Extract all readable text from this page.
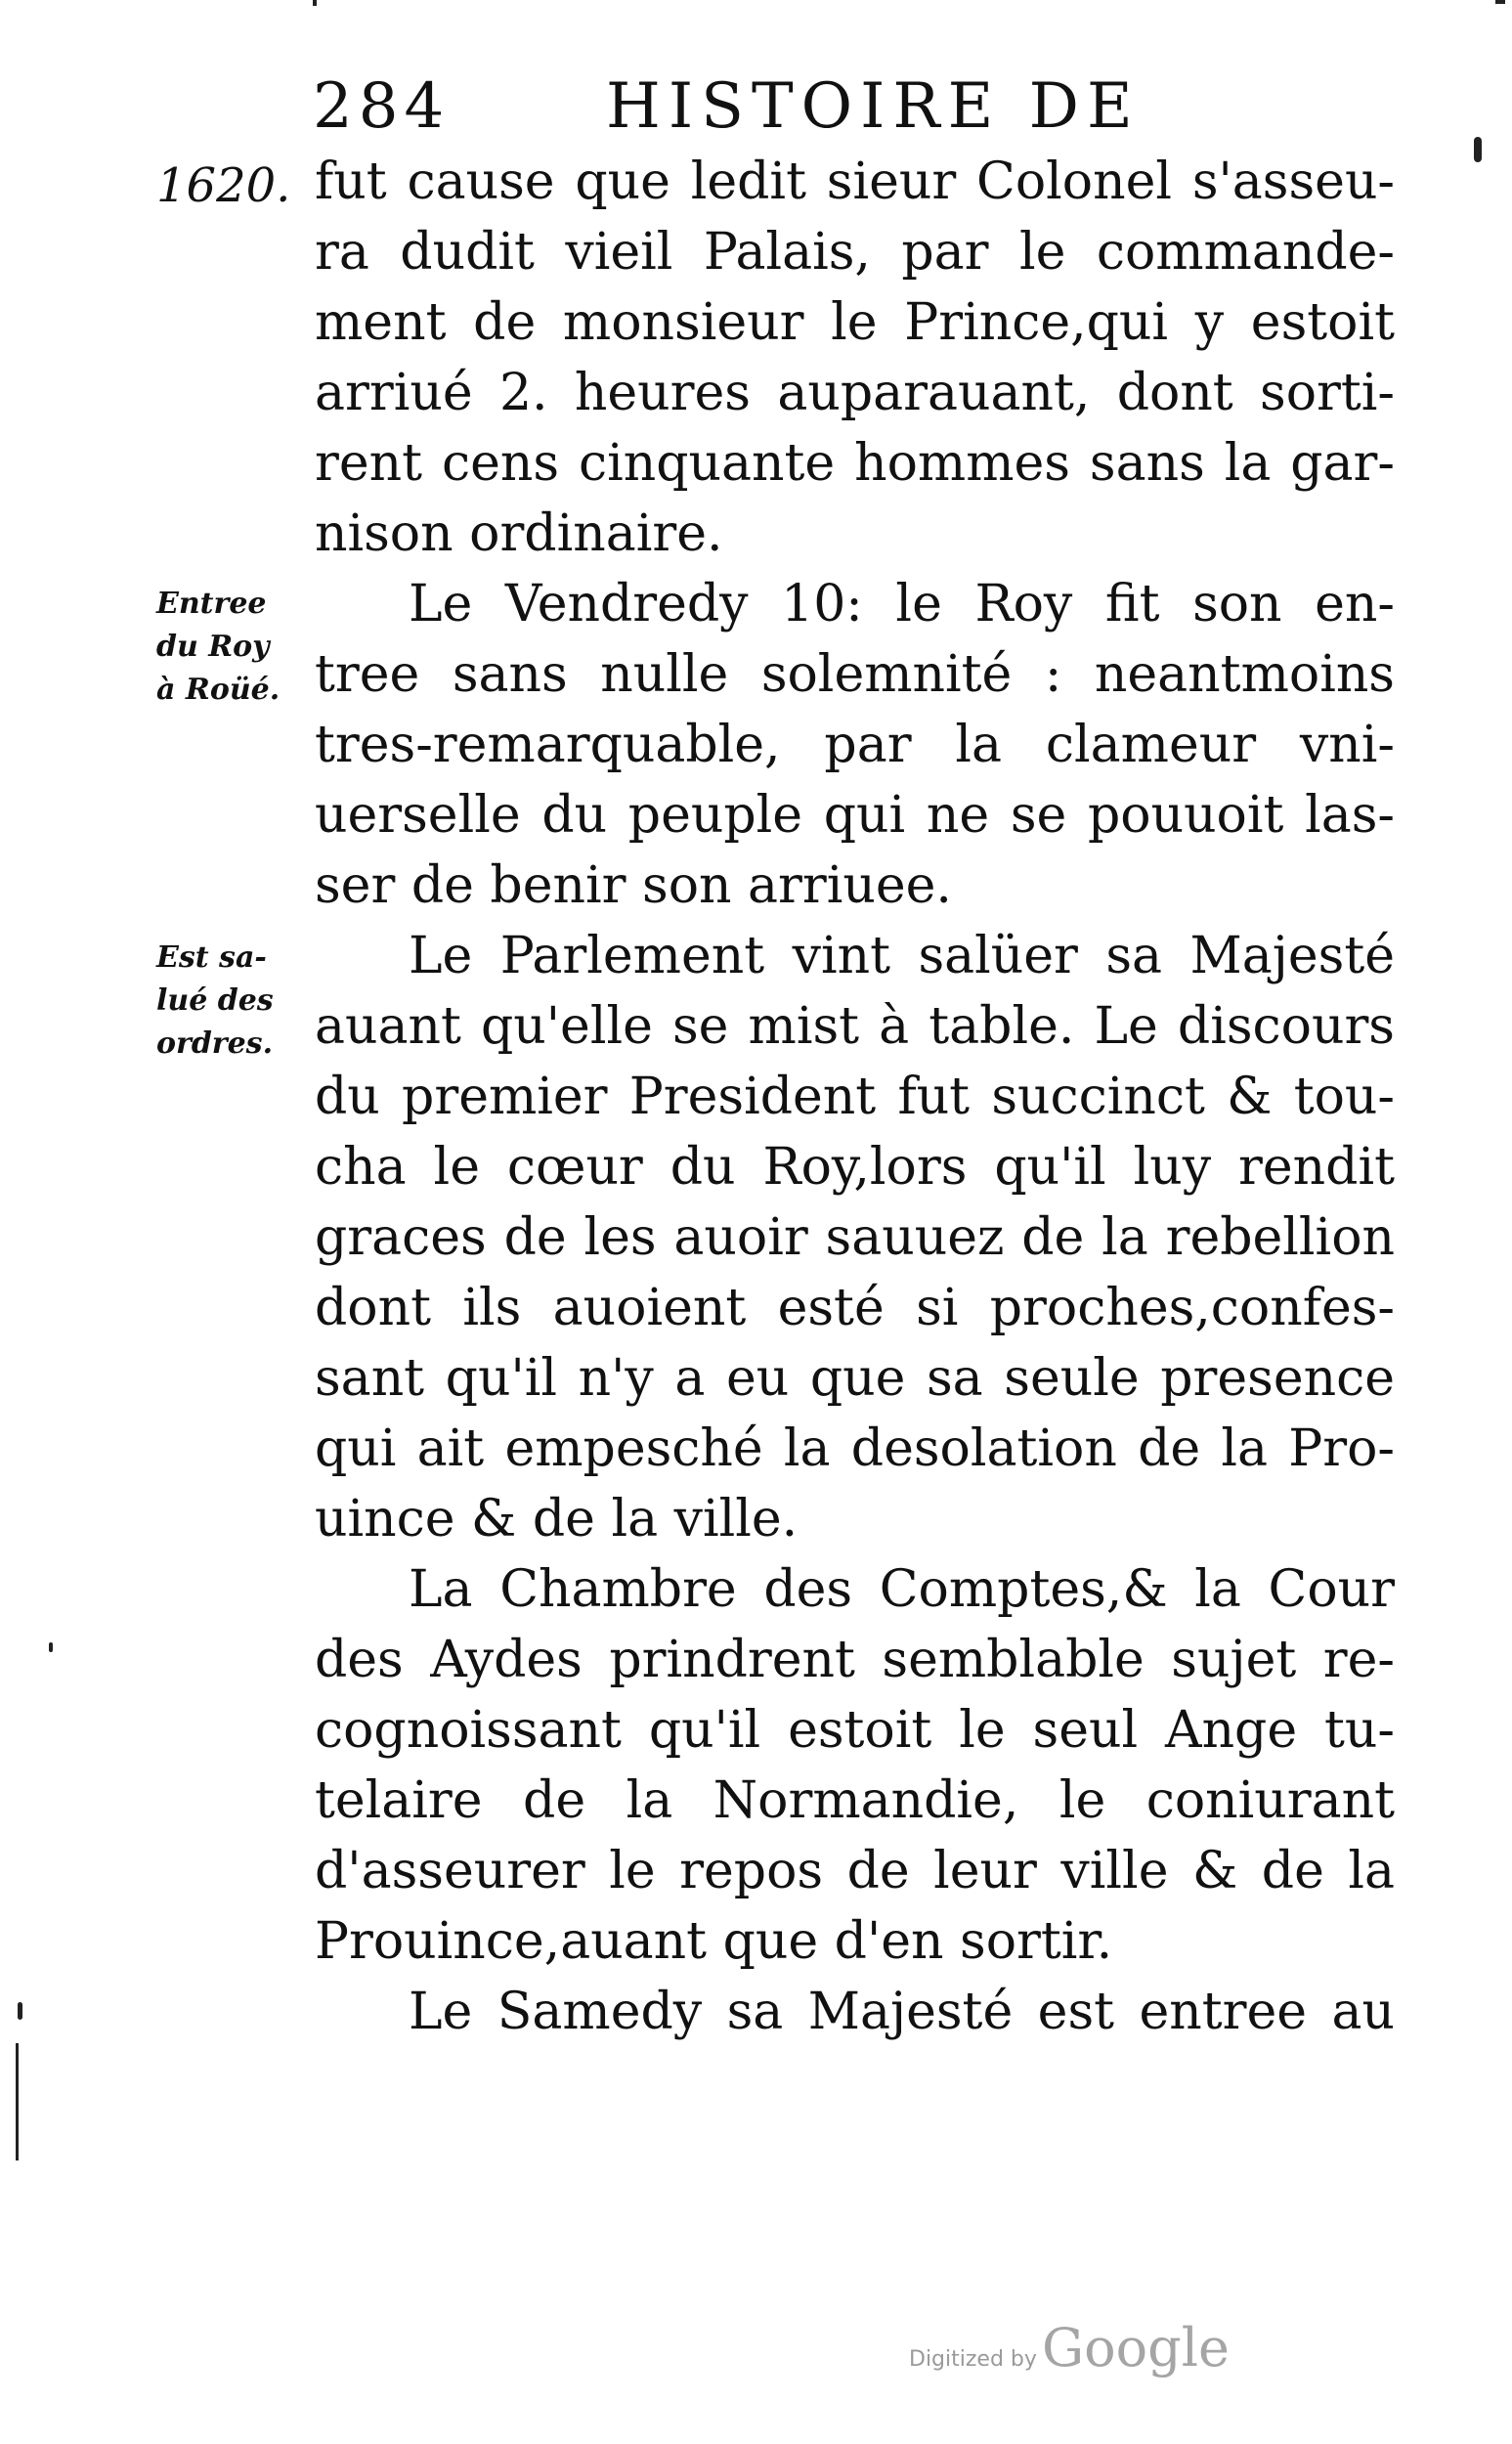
284 HISTOIRE DE
1620.
Entree
du Roy
à Roüé.
Est sa-
lué des
ordres.
fut cause que ledit sieur Colonel s'asseu-
ra dudit vieil Palais, par le commande-
ment de monsieur le Prince,qui y estoit
arriué 2. heures auparauant, dont sorti-
rent cens cinquante hommes sans la gar-
nison ordinaire.
Le Vendredy 10: le Roy fit son en-
tree sans nulle solemnité : neantmoins
tres-remarquable, par la clameur vni-
uerselle du peuple qui ne se pouuoit las-
ser de benir son arriuee.
Le Parlement vint salüer sa Majesté
auant qu'elle se mist à table. Le discours
du premier President fut succinct & tou-
cha le cœur du Roy,lors qu'il luy rendit
graces de les auoir sauuez de la rebellion
dont ils auoient esté si proches,confes-
sant qu'il n'y a eu que sa seule presence
qui ait empesché la desolation de la Pro-
uince & de la ville.
La Chambre des Comptes,& la Cour
des Aydes prindrent semblable sujet re-
cognoissant qu'il estoit le seul Ange tu-
telaire de la Normandie, le coniurant
d'asseurer le repos de leur ville & de la
Prouince,auant que d'en sortir.
Le Samedy sa Majesté est entree au
Digitized by Google
